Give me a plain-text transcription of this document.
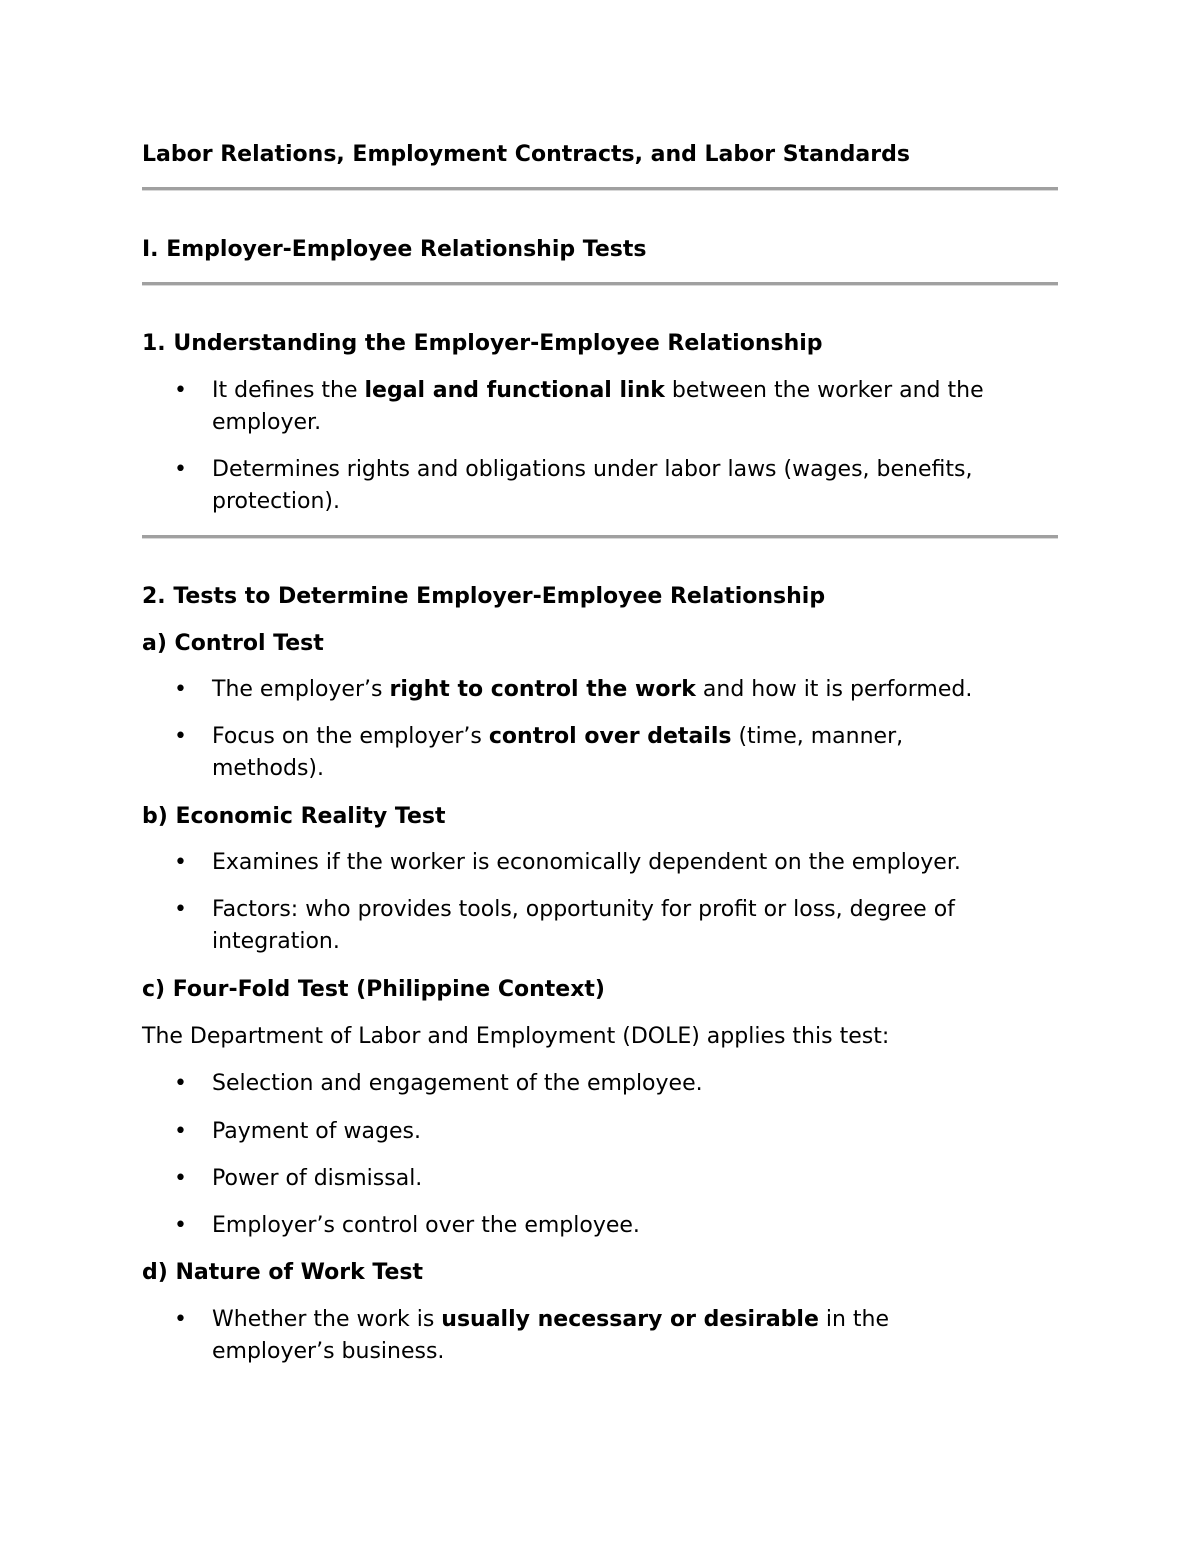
Labor Relations, Employment Contracts, and Labor Standards
I. Employer-Employee Relationship Tests
1. Understanding the Employer-Employee Relationship
• It defines the legal and functional link between the worker and the
employer.
• Determines rights and obligations under labor laws (wages, benefits,
protection).
2. Tests to Determine Employer-Employee Relationship
a) Control Test
• The employer’s right to control the work and how it is performed.
• Focus on the employer’s control over details (time, manner,
methods).
b) Economic Reality Test
• Examines if the worker is economically dependent on the employer.
• Factors: who provides tools, opportunity for profit or loss, degree of
integration.
c) Four-Fold Test (Philippine Context)
The Department of Labor and Employment (DOLE) applies this test:
• Selection and engagement of the employee.
• Payment of wages.
• Power of dismissal.
• Employer’s control over the employee.
d) Nature of Work Test
• Whether the work is usually necessary or desirable in the
employer’s business.
